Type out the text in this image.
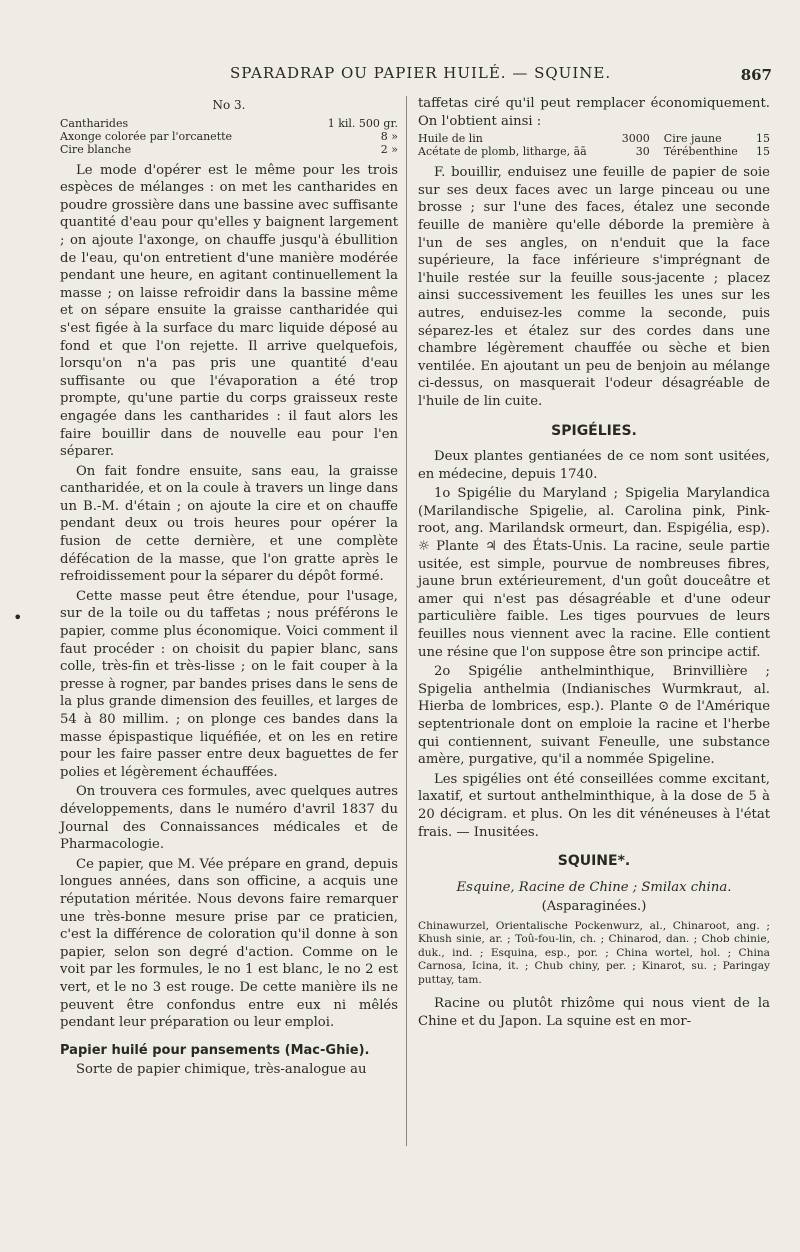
SPARADRAP OU PAPIER HUILÉ. — SQUINE.	867
•
No 3.
Cantharides	1 kil. 500 gr.
Axonge colorée par l'orcanette	8 »
Cire blanche	2 »

Le mode d'opérer est le même pour les trois espèces de mélanges : on met les cantharides en poudre grossière dans une bassine avec suffisante quantité d'eau pour qu'elles y baignent largement ; on ajoute l'axonge, on chauffe jusqu'à ébullition de l'eau, qu'on entretient d'une manière modérée pendant une heure, en agitant continuellement la masse ; on laisse refroidir dans la bassine même et on sépare ensuite la graisse cantharidée qui s'est figée à la surface du marc liquide déposé au fond et que l'on rejette. Il arrive quelquefois, lorsqu'on n'a pas pris une quantité d'eau suffisante ou que l'évaporation a été trop prompte, qu'une partie du corps graisseux reste engagée dans les cantharides : il faut alors les faire bouillir dans de nouvelle eau pour l'en séparer.

On fait fondre ensuite, sans eau, la graisse cantharidée, et on la coule à travers un linge dans un B.-M. d'étain ; on ajoute la cire et on chauffe pendant deux ou trois heures pour opérer la fusion de cette dernière, et une complète défécation de la masse, que l'on gratte après le refroidissement pour la séparer du dépôt formé.

Cette masse peut être étendue, pour l'usage, sur de la toile ou du taffetas ; nous préférons le papier, comme plus économique. Voici comment il faut procéder : on choisit du papier blanc, sans colle, très-fin et très-lisse ; on le fait couper à la presse à rogner, par bandes prises dans le sens de la plus grande dimension des feuilles, et larges de 54 à 80 millim. ; on plonge ces bandes dans la masse épispastique liquéfiée, et on les en retire pour les faire passer entre deux baguettes de fer polies et légèrement échauffées.

On trouvera ces formules, avec quelques autres développements, dans le numéro d'avril 1837 du Journal des Connaissances médicales et de Pharmacologie.

Ce papier, que M. Vée prépare en grand, depuis longues années, dans son officine, a acquis une réputation méritée. Nous devons faire remarquer une très-bonne mesure prise par ce praticien, c'est la différence de coloration qu'il donne à son papier, selon son degré d'action. Comme on le voit par les formules, le no 1 est blanc, le no 2 est vert, et le no 3 est rouge. De cette manière ils ne peuvent être confondus entre eux ni mêlés pendant leur préparation ou leur emploi.

Papier huilé pour pansements (Mac-Ghie).

Sorte de papier chimique, très-analogue au

taffetas ciré qu'il peut remplacer économiquement. On l'obtient ainsi :

Huile de lin	3000	Cire jaune	15
Acétate de plomb, litharge, āā	30	Térébenthine	15

F. bouillir, enduisez une feuille de papier de soie sur ses deux faces avec un large pinceau ou une brosse ; sur l'une des faces, étalez une seconde feuille de manière qu'elle déborde la première à l'un de ses angles, on n'enduit que la face supérieure, la face inférieure s'imprégnant de l'huile restée sur la feuille sous-jacente ; placez ainsi successivement les feuilles les unes sur les autres, enduisez-les comme la seconde, puis séparez-les et étalez sur des cordes dans une chambre légèrement chauffée ou sèche et bien ventilée. En ajoutant un peu de benjoin au mélange ci-dessus, on masquerait l'odeur désagréable de l'huile de lin cuite.

SPIGÉLIES.

Deux plantes gentianées de ce nom sont usitées, en médecine, depuis 1740.

1o Spigélie du Maryland ; Spigelia Marylandica (Marilandische Spigelie, al. Carolina pink, Pink-root, ang. Marilandsk ormeurt, dan. Espigélia, esp). ☼ Plante ♃ des États-Unis. La racine, seule partie usitée, est simple, pourvue de nombreuses fibres, jaune brun extérieurement, d'un goût douceâtre et amer qui n'est pas désagréable et d'une odeur particulière faible. Les tiges pourvues de leurs feuilles nous viennent avec la racine. Elle contient une résine que l'on suppose être son principe actif.

2o Spigélie anthelminthique, Brinvillière ; Spigelia anthelmia (Indianisches Wurmkraut, al. Hierba de lombrices, esp.). Plante ⊙ de l'Amérique septentrionale dont on emploie la racine et l'herbe qui contiennent, suivant Feneulle, une substance amère, purgative, qu'il a nommée Spigeline.

Les spigélies ont été conseillées comme excitant, laxatif, et surtout anthelminthique, à la dose de 5 à 20 décigram. et plus. On les dit vénéneuses à l'état frais. — Inusitées.

SQUINE*.

Esquine, Racine de Chine ; Smilax china.

(Asparaginées.)

Chinawurzel, Orientalische Pockenwurz, al., Chinaroot, ang. ; Khush sinie, ar. ; Toû-fou-lin, ch. ; Chinarod, dan. ; Chob chinie, duk., ind. ; Esquina, esp., por. ; China wortel, hol. ; China Carnosa, Icina, it. ; Chub chiny, per. ; Kinarot, su. ; Paringay puttay, tam.

Racine ou plutôt rhizôme qui nous vient de la Chine et du Japon. La squine est en mor-
